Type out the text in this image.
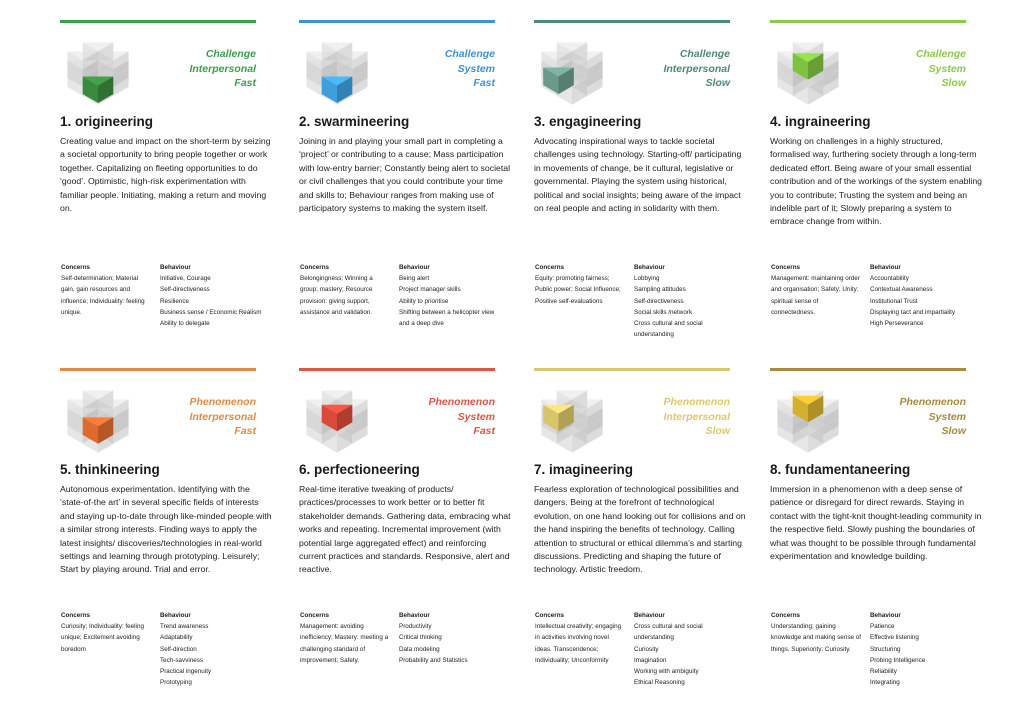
Challenge
Interpersonal
Fast
1. origineering
Creating value and impact on the short-term by seizing a societal opportunity to bring people together or work together. Capitalizing on fleeting opportunities to do ‘good’. Optimistic, high-risk experimentation with familiar people. Initiating, making a return and moving on.
Concerns
Self-determination; Material gain, gain resources and influence; Individuality: feeling unique.
Behaviour
Initiative, Courage
Self-directiveness
Resilience
Business sense / Economic Realism
Ability to delegate
Challenge
System
Fast
2. swarmineering
Joining in and playing your small part in completing a ‘project’ or contributing to a cause; Mass participation with low-entry barrier; Constantly being alert to societal or civil challenges that you could contribute your time and skills to; Behaviour ranges from making use of participatory systems to making the system itself.
Concerns
Belongingness; Winning a group; mastery; Resource provision: giving support, assistance and validation.
Behaviour
Being alert
Project manager skills
Ability to prioritise
Shifting between a helicopter view and a deep dive
Challenge
Interpersonal
Slow
3. engagineering
Advocating inspirational ways to tackle societal challenges using technology. Starting-off/ participating in movements of change, be it cultural, legislative or governmental. Playing the system using historical, political and social insights; being aware of the impact on real people and acting in solidarity with them.
Concerns
Equity: promoting fairness; Public power; Social Influence; Positive self-evaluations
Behaviour
Lobbying
Sampling attitudes
Self-directiveness
Social skills /network
Cross cultural and social understanding
Challenge
System
Slow
4. ingraineering
Working on challenges in a highly structured, formalised way, furthering society through a long-term dedicated effort. Being aware of your small essential contribution and of the workings of the system enabling you to contribute; Trusting the system and being an indelible part of it; Slowly preparing a system to embrace change from within.
Concerns
Management: maintaining order and organisation; Safety; Unity: spiritual sense of connectedness.
Behaviour
Accountability
Contextual Awareness
Institutional Trust
Displaying tact and impartiality
High Perseverance
Phenomenon
Interpersonal
Fast
5. thinkineering
Autonomous experimentation. Identifying with the ‘state-of-the art’ in several specific fields of interests and staying up-to-date through like-minded people with a similar strong interests. Finding ways to apply the latest insights/ discoveries/technologies in real-world settings and learning through prototyping. Leisurely; Start by playing around. Trial and error.
Concerns
Curiosity; Individuality: feeling unique; Excitement avoiding boredom
Behaviour
Trend awareness
Adaptability
Self-direction
Tech-savviness
Practical ingenuity
Prototyping
Phenomenon
System
Fast
6. perfectioneering
Real-time iterative tweaking of products/ practices/processes to work better or to better fit stakeholder demands. Gathering data, embracing what works and repeating. Incremental improvement (with potential large aggregated effect) and reinforcing current practices and standards. Responsive, alert and reactive.
Concerns
Management: avoiding inefficiency; Mastery: meeting a challenging standard of improvement; Safety.
Behaviour
Productivity
Critical thinking
Data modeling
Probability and Statistics
Phenomenon
Interpersonal
Slow
7. imagineering
Fearless exploration of technological possibilities and dangers. Being at the forefront of technological evolution, on one hand looking out for collisions and on the hand inspiring the benefits of technology. Calling attention to structural or ethical dilemma’s and starting discussions. Predicting and shaping the future of technology. Artistic freedom.
Concerns
Intellectual creativity; engaging in activities involving novel ideas. Transcendence; Individuality; Unconformity
Behaviour
Cross cultural and social understanding
Curiosity
Imagination
Working with ambiguity
Ethical Reasoning
Phenomenon
System
Slow
8. fundamentaneering
Immersion in a phenomenon with a deep sense of patience or disregard for direct rewards. Staying in contact with the tight-knit thought-leading community in the respective field. Slowly pushing the boundaries of what was thought to be possible through fundamental experimentation and knowledge building.
Concerns
Understanding; gaining knowledge and making sense of things. Superiority; Curiosity.
Behaviour
Patience
Effective listening
Structuring
Probing Intelligence
Reliability
Integrating
